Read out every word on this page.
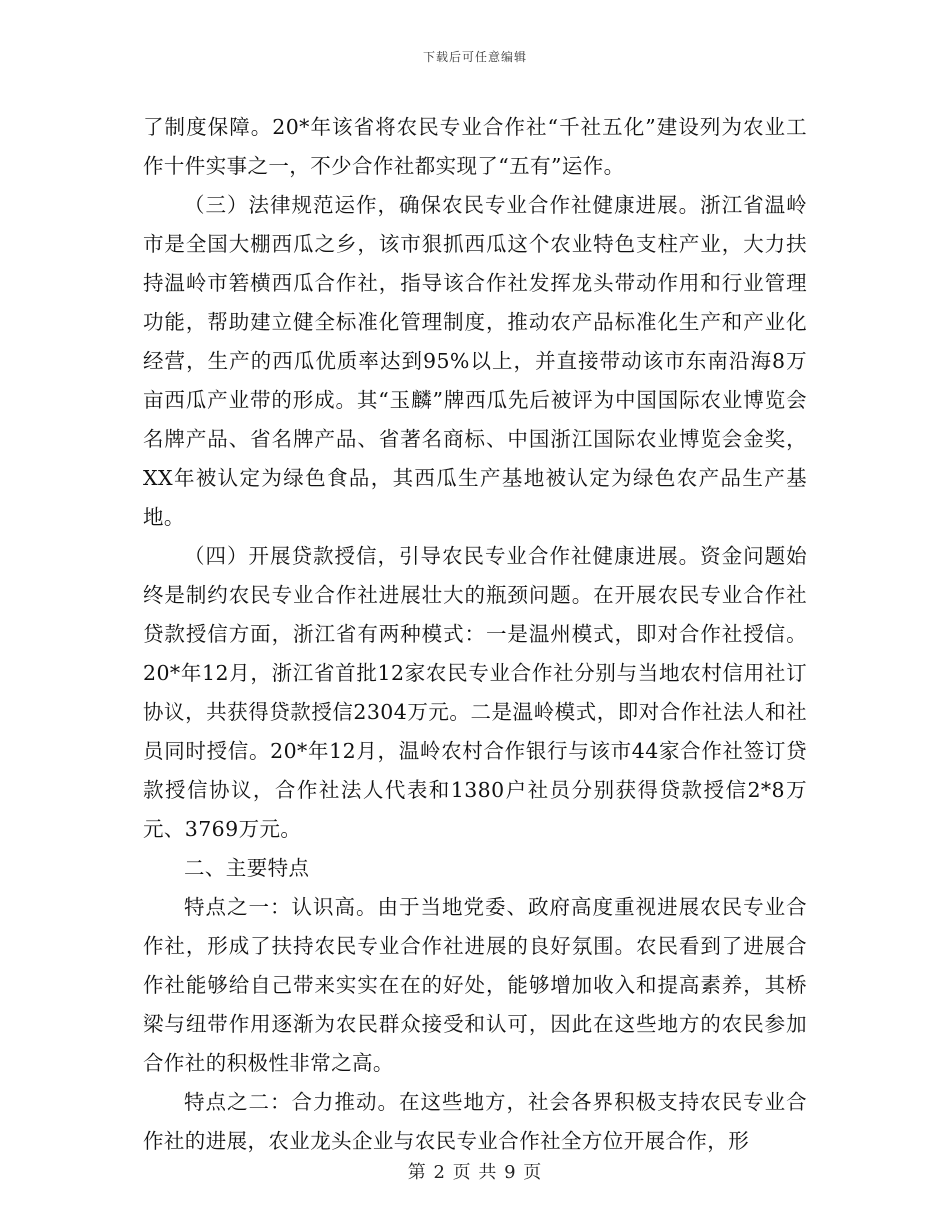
下载后可任意编辑

了制度保障。20*年该省将农民专业合作社“千社五化”建设列为农业工作十件实事之一，不少合作社都实现了“五有”运作。

（三）法律规范运作，确保农民专业合作社健康进展。浙江省温岭市是全国大棚西瓜之乡，该市狠抓西瓜这个农业特色支柱产业，大力扶持温岭市箬横西瓜合作社，指导该合作社发挥龙头带动作用和行业管理功能，帮助建立健全标准化管理制度，推动农产品标准化生产和产业化经营，生产的西瓜优质率达到95%以上，并直接带动该市东南沿海8万亩西瓜产业带的形成。其“玉麟”牌西瓜先后被评为中国国际农业博览会名牌产品、省名牌产品、省著名商标、中国浙江国际农业博览会金奖，XX年被认定为绿色食品，其西瓜生产基地被认定为绿色农产品生产基地。

（四）开展贷款授信，引导农民专业合作社健康进展。资金问题始终是制约农民专业合作社进展壮大的瓶颈问题。在开展农民专业合作社贷款授信方面，浙江省有两种模式：一是温州模式，即对合作社授信。20*年12月，浙江省首批12家农民专业合作社分别与当地农村信用社订协议，共获得贷款授信2304万元。二是温岭模式，即对合作社法人和社员同时授信。20*年12月，温岭农村合作银行与该市44家合作社签订贷款授信协议，合作社法人代表和1380户社员分别获得贷款授信2*8万元、3769万元。

二、主要特点

特点之一：认识高。由于当地党委、政府高度重视进展农民专业合作社，形成了扶持农民专业合作社进展的良好氛围。农民看到了进展合作社能够给自己带来实实在在的好处，能够增加收入和提高素养，其桥梁与纽带作用逐渐为农民群众接受和认可，因此在这些地方的农民参加合作社的积极性非常之高。

特点之二：合力推动。在这些地方，社会各界积极支持农民专业合作社的进展，农业龙头企业与农民专业合作社全方位开展合作，形

第 2 页 共 9 页
